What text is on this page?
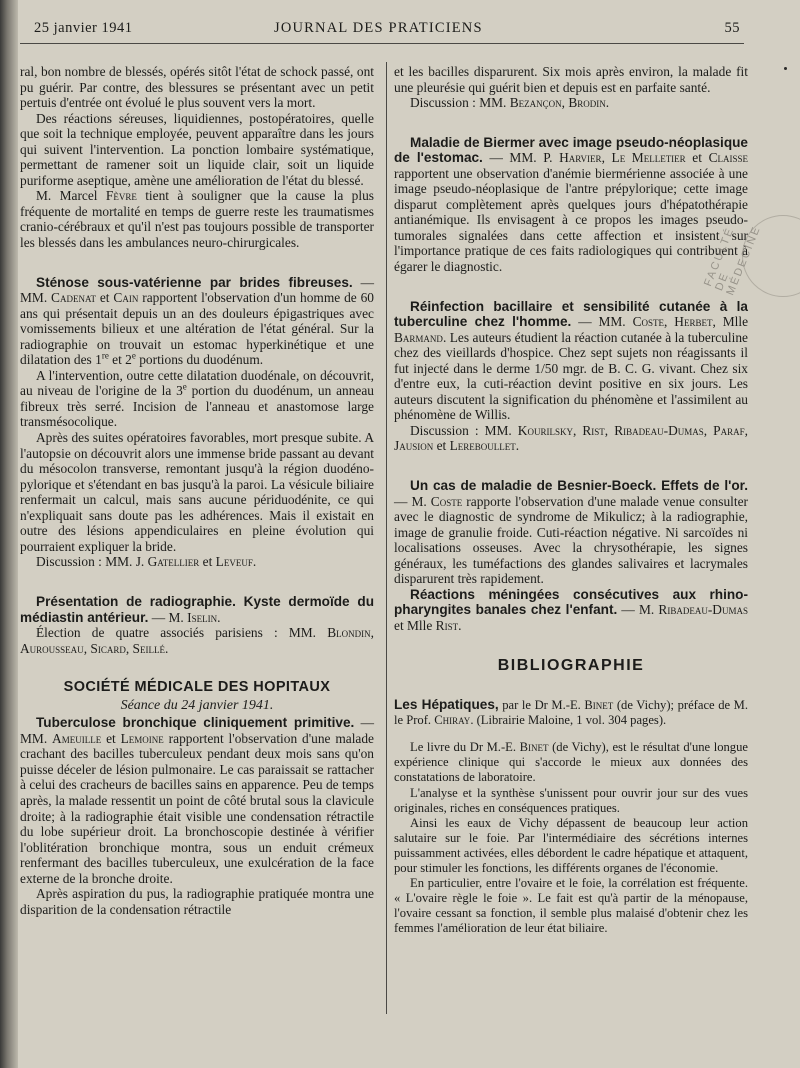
25 janvier 1941	JOURNAL DES PRATICIENS	55

ral, bon nombre de blessés, opérés sitôt l'état de schock passé, ont pu guérir. Par contre, des blessures se présentant avec un petit pertuis d'entrée ont évolué le plus souvent vers la mort.

Des réactions séreuses, liquidiennes, postopératoires, quelle que soit la technique employée, peuvent apparaître dans les jours qui suivent l'intervention. La ponction lombaire systématique, permettant de ramener soit un liquide clair, soit un liquide puriforme aseptique, amène une amélioration de l'état du blessé.

M. Marcel Fèvre tient à souligner que la cause la plus fréquente de mortalité en temps de guerre reste les traumatismes cranio-cérébraux et qu'il n'est pas toujours possible de transporter les blessés dans les ambulances neuro-chirurgicales.

Sténose sous-vatérienne par brides fibreuses. — MM. Cadenat et Cain rapportent l'observation d'un homme de 60 ans qui présentait depuis un an des douleurs épigastriques avec vomissements bilieux et une altération de l'état général. Sur la radiographie on trouvait un estomac hyperkinétique et une dilatation des 1re et 2e portions du duodénum.

A l'intervention, outre cette dilatation duodénale, on découvrit, au niveau de l'origine de la 3e portion du duodénum, un anneau fibreux très serré. Incision de l'anneau et anastomose large transmésocolique.

Après des suites opératoires favorables, mort presque subite. A l'autopsie on découvrit alors une immense bride passant au devant du mésocolon transverse, remontant jusqu'à la région duodéno-pylorique et s'étendant en bas jusqu'à la paroi. La vésicule biliaire renfermait un calcul, mais sans aucune périduodénite, ce qui n'expliquait sans doute pas les adhérences. Mais il existait en outre des lésions appendiculaires en pleine évolution qui pourraient expliquer la bride.

Discussion : MM. J. Gatellier et Leveuf.

Présentation de radiographie. Kyste dermoïde du médiastin antérieur. — M. Iselin.

Élection de quatre associés parisiens : MM. Blondin, Aurousseau, Sicard, Seillé.

SOCIÉTÉ MÉDICALE DES HOPITAUX
Séance du 24 janvier 1941.

Tuberculose bronchique cliniquement primitive. — MM. Ameuille et Lemoine rapportent l'observation d'une malade crachant des bacilles tuberculeux pendant deux mois sans qu'on puisse déceler de lésion pulmonaire. Le cas paraissait se rattacher à celui des cracheurs de bacilles sains en apparence. Peu de temps après, la malade ressentit un point de côté brutal sous la clavicule droite; à la radiographie était visible une condensation rétractile du lobe supérieur droit. La bronchoscopie destinée à vérifier l'oblitération bronchique montra, sous un enduit crémeux renfermant des bacilles tuberculeux, une exulcération de la face externe de la bronche droite.

Après aspiration du pus, la radiographie pratiquée montra une disparition de la condensation rétractile

et les bacilles disparurent. Six mois après environ, la malade fit une pleurésie qui guérit bien et depuis est en parfaite santé.

Discussion : MM. Bezançon, Brodin.

Maladie de Biermer avec image pseudo-néoplasique de l'estomac. — MM. P. Harvier, Le Melletier et Claisse rapportent une observation d'anémie biermérienne associée à une image pseudo-néoplasique de l'antre prépylorique; cette image disparut complètement après quelques jours d'hépatothérapie antianémique. Ils envisagent à ce propos les images pseudo-tumorales signalées dans cette affection et insistent sur l'importance pratique de ces faits radiologiques qui contribuent à égarer le diagnostic.

Réinfection bacillaire et sensibilité cutanée à la tuberculine chez l'homme. — MM. Coste, Herbet, Mlle Barmand. Les auteurs étudient la réaction cutanée à la tuberculine chez des vieillards d'hospice. Chez sept sujets non réagissants il fut injecté dans le derme 1/50 mgr. de B. C. G. vivant. Chez six d'entre eux, la cuti-réaction devint positive en six jours. Les auteurs discutent la signification du phénomène et l'assimilent au phénomène de Willis.

Discussion : MM. Kourilsky, Rist, Ribadeau-Dumas, Paraf, Jausion et Lereboullet.

Un cas de maladie de Besnier-Boeck. Effets de l'or. — M. Coste rapporte l'observation d'une malade venue consulter avec le diagnostic de syndrome de Mikulicz; à la radiographie, image de granulie froide. Cuti-réaction négative. Ni sarcoïdes ni localisations osseuses. Avec la chrysothérapie, les signes généraux, les tuméfactions des glandes salivaires et lacrymales disparurent très rapidement.

Réactions méningées consécutives aux rhino-pharyngites banales chez l'enfant. — M. Ribadeau-Dumas et Mlle Rist.

BIBLIOGRAPHIE

Les Hépatiques, par le Dr M.-E. Binet (de Vichy); préface de M. le Prof. Chiray. (Librairie Maloine, 1 vol. 304 pages).

Le livre du Dr M.-E. Binet (de Vichy), est le résultat d'une longue expérience clinique qui s'accorde le mieux aux données des constatations de laboratoire.

L'analyse et la synthèse s'unissent pour ouvrir jour sur des vues originales, riches en conséquences pratiques.

Ainsi les eaux de Vichy dépassent de beaucoup leur action salutaire sur le foie. Par l'intermédiaire des sécrétions internes puissamment activées, elles débordent le cadre hépatique et attaquent, pour stimuler les fonctions, les différents organes de l'économie.

En particulier, entre l'ovaire et le foie, la corrélation est fréquente. « L'ovaire règle le foie ». Le fait est qu'à partir de la ménopause, l'ovaire cessant sa fonction, il semble plus malaisé d'obtenir chez les femmes l'amélioration de leur état biliaire.

FACULTÉ DE MÉDECINE
